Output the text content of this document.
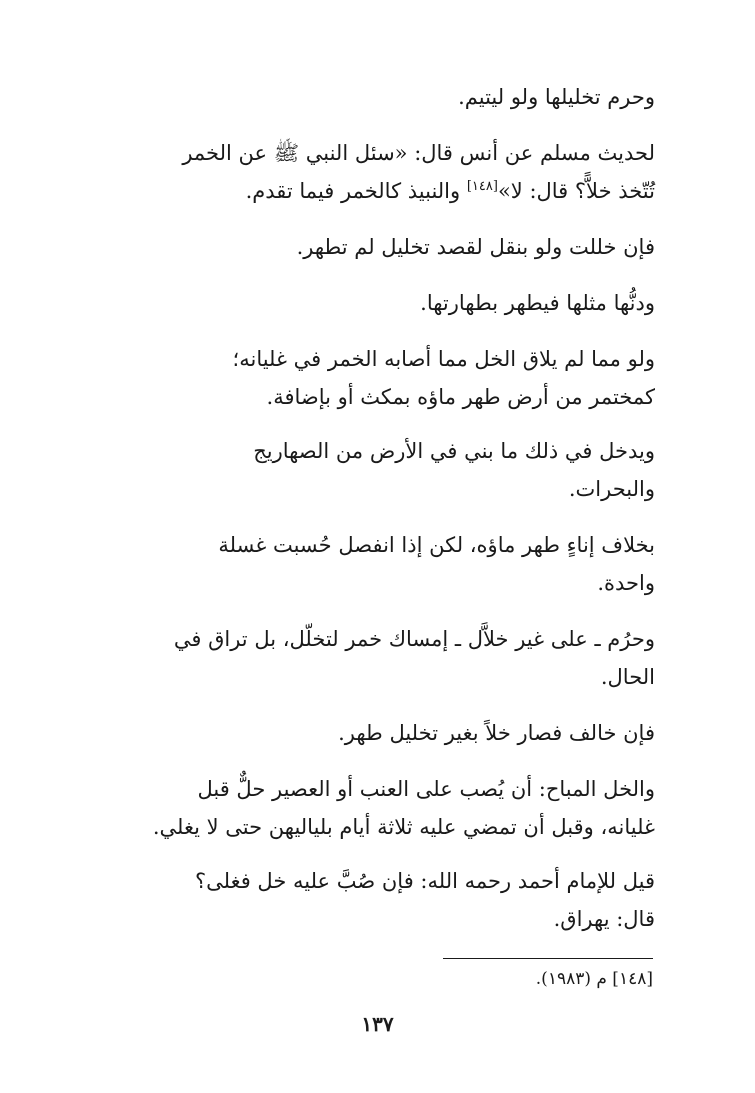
وحرم تخليلها ولو ليتيم.

لحديث مسلم عن أنس قال: «سئل النبي ﷺ عن الخمر
تُتّخذ خلاًّ؟ قال: لا»[١٤٨] والنبيذ كالخمر فيما تقدم.

فإن خللت ولو بنقل لقصد تخليل لم تطهر.

ودنُّها مثلها فيطهر بطهارتها.

ولو مما لم يلاق الخل مما أصابه الخمر في غليانه؛
كمختمر من أرض طهر ماؤه بمكث أو بإضافة.

ويدخل في ذلك ما بني في الأرض من الصهاريج
والبحرات.

بخلاف إناءٍ طهر ماؤه، لكن إذا انفصل حُسبت غسلة
واحدة.

وحرُم ـ على غير خلاَّل ـ إمساك خمر لتخلّل، بل تراق في
الحال.

فإن خالف فصار خلاً بغير تخليل طهر.

والخل المباح: أن يُصب على العنب أو العصير حلٌّ قبل
غليانه، وقبل أن تمضي عليه ثلاثة أيام بلياليهن حتى لا يغلي.

قيل للإمام أحمد رحمه الله: فإن صُبَّ عليه خل فغلى؟
قال: يهراق.

[١٤٨] م (١٩٨٣).
١٣٧
